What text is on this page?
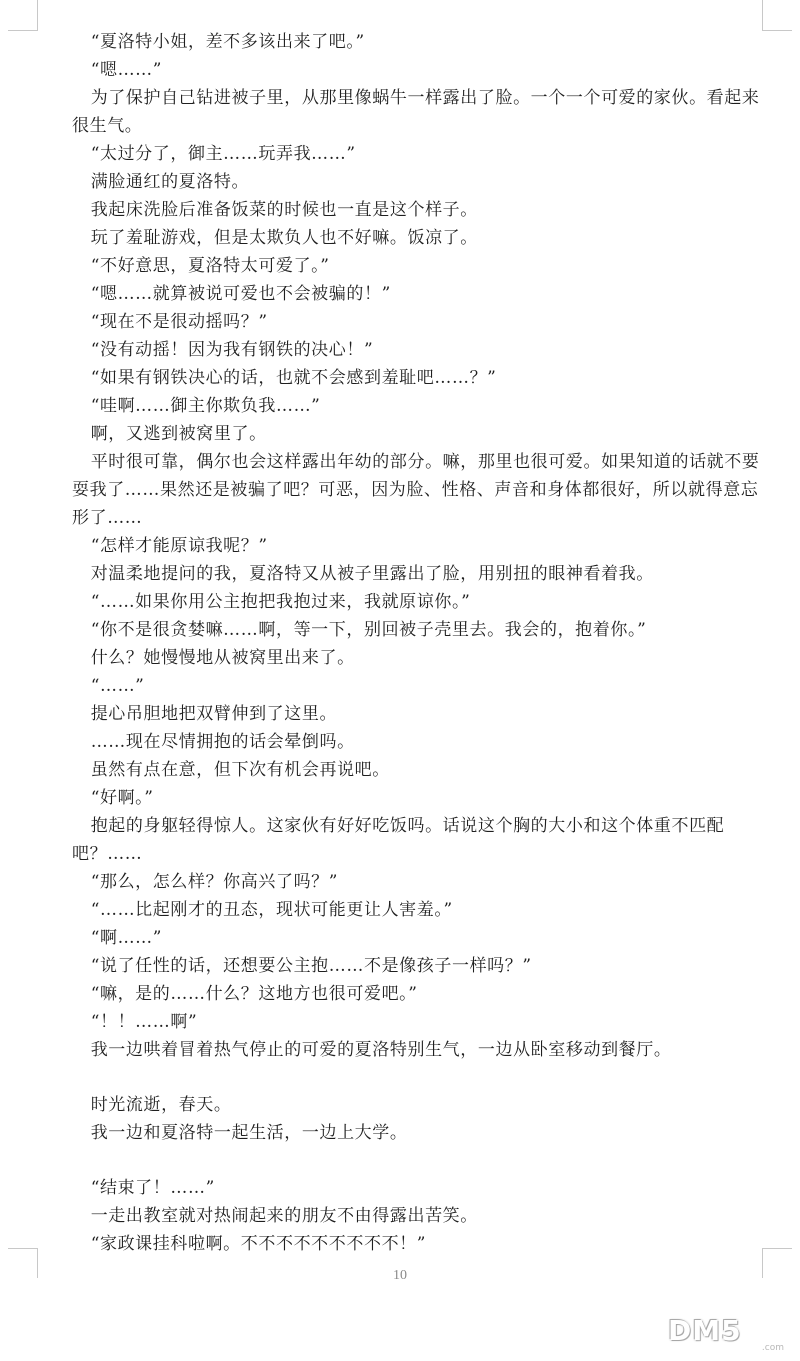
“夏洛特小姐，差不多该出来了吧。”

“嗯……”

为了保护自己钻进被子里，从那里像蜗牛一样露出了脸。一个一个可爱的家伙。看起来很生气。

“太过分了，御主……玩弄我……”

满脸通红的夏洛特。

我起床洗脸后准备饭菜的时候也一直是这个样子。

玩了羞耻游戏，但是太欺负人也不好嘛。饭凉了。

“不好意思，夏洛特太可爱了。”

“嗯……就算被说可爱也不会被骗的！”

“现在不是很动摇吗？”

“没有动摇！因为我有钢铁的决心！”

“如果有钢铁决心的话，也就不会感到羞耻吧……？”

“哇啊……御主你欺负我……”

啊，又逃到被窝里了。

平时很可靠，偶尔也会这样露出年幼的部分。嘛，那里也很可爱。如果知道的话就不要耍我了……果然还是被骗了吧？可恶，因为脸、性格、声音和身体都很好，所以就得意忘形了……

“怎样才能原谅我呢？”

对温柔地提问的我，夏洛特又从被子里露出了脸，用别扭的眼神看着我。

“……如果你用公主抱把我抱过来，我就原谅你。”

“你不是很贪婪嘛……啊，等一下，别回被子壳里去。我会的，抱着你。”

什么？她慢慢地从被窝里出来了。

“……”

提心吊胆地把双臂伸到了这里。

……现在尽情拥抱的话会晕倒吗。

虽然有点在意，但下次有机会再说吧。

“好啊。”

抱起的身躯轻得惊人。这家伙有好好吃饭吗。话说这个胸的大小和这个体重不匹配吧？……

“那么，怎么样？你高兴了吗？”

“……比起刚才的丑态，现状可能更让人害羞。”

“啊……”

“说了任性的话，还想要公主抱……不是像孩子一样吗？”

“嘛，是的……什么？这地方也很可爱吧。”

“！！……啊”

我一边哄着冒着热气停止的可爱的夏洛特别生气，一边从卧室移动到餐厅。

时光流逝，春天。

我一边和夏洛特一起生活，一边上大学。

“结束了！……”

一走出教室就对热闹起来的朋友不由得露出苦笑。

“家政课挂科啦啊。不不不不不不不不不！”

10
DM5
.com
